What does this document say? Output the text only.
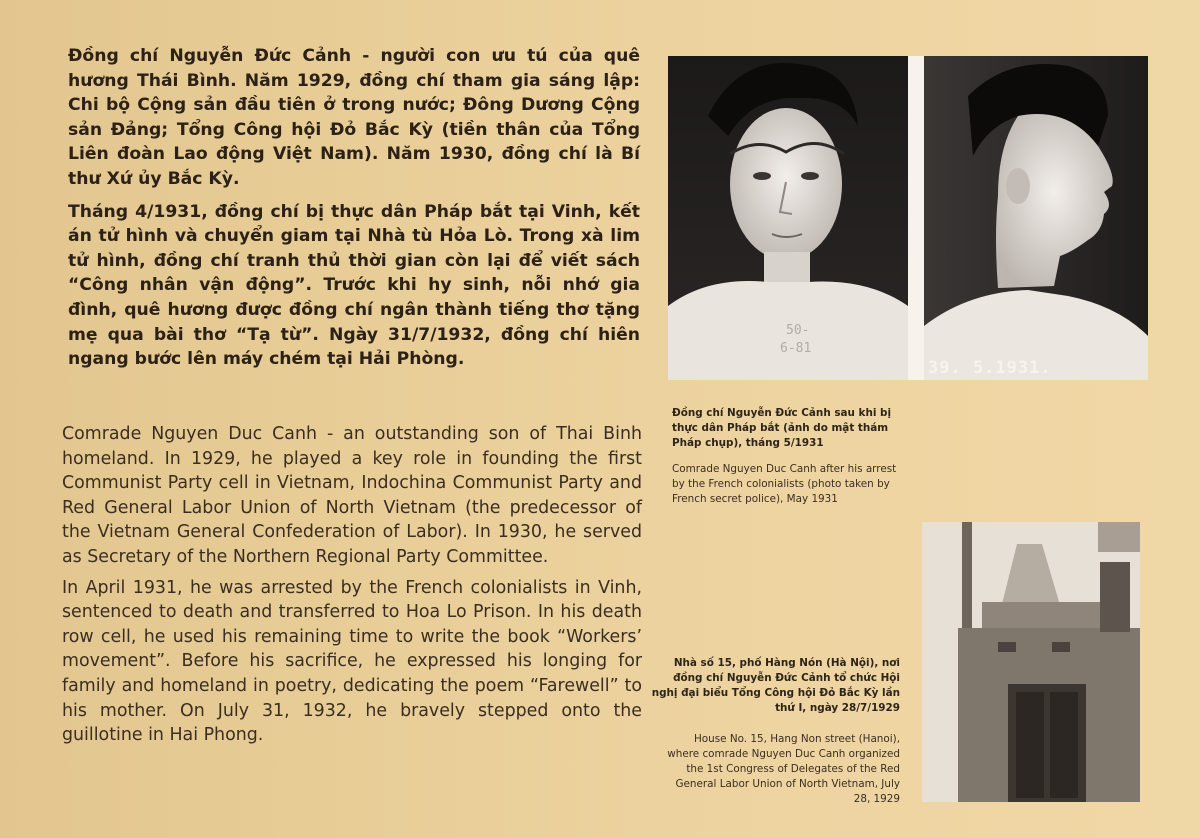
Đồng chí Nguyễn Đức Cảnh - người con ưu tú của quê hương Thái Bình. Năm 1929, đồng chí tham gia sáng lập: Chi bộ Cộng sản đầu tiên ở trong nước; Đông Dương Cộng sản Đảng; Tổng Công hội Đỏ Bắc Kỳ (tiền thân của Tổng Liên đoàn Lao động Việt Nam). Năm 1930, đồng chí là Bí thư Xứ ủy Bắc Kỳ.

Tháng 4/1931, đồng chí bị thực dân Pháp bắt tại Vinh, kết án tử hình và chuyển giam tại Nhà tù Hỏa Lò. Trong xà lim tử hình, đồng chí tranh thủ thời gian còn lại để viết sách “Công nhân vận động”. Trước khi hy sinh, nỗi nhớ gia đình, quê hương được đồng chí ngân thành tiếng thơ tặng mẹ qua bài thơ “Tạ từ”. Ngày 31/7/1932, đồng chí hiên ngang bước lên máy chém tại Hải Phòng.

Comrade Nguyen Duc Canh - an outstanding son of Thai Binh homeland. In 1929, he played a key role in founding the first Communist Party cell in Vietnam, Indochina Communist Party and Red General Labor Union of North Vietnam (the predecessor of the Vietnam General Confederation of Labor). In 1930, he served as Secretary of the Northern Regional Party Committee.

In April 1931, he was arrested by the French colonialists in Vinh, sentenced to death and transferred to Hoa Lo Prison. In his death row cell, he used his remaining time to write the book “Workers’ movement”. Before his sacrifice, he expressed his longing for family and homeland in poetry, dedicating the poem “Farewell” to his mother. On July 31, 1932, he bravely stepped onto the guillotine in Hai Phong.

50-
6-81
39. 5.1931.
Đồng chí Nguyễn Đức Cảnh sau khi bị thực dân Pháp bắt (ảnh do mật thám Pháp chụp), tháng 5/1931
Comrade Nguyen Duc Canh after his arrest by the French colonialists (photo taken by French secret police), May 1931
Nhà số 15, phố Hàng Nón (Hà Nội), nơi đồng chí Nguyễn Đức Cảnh tổ chức Hội nghị đại biểu Tổng Công hội Đỏ Bắc Kỳ lần thứ I, ngày 28/7/1929
House No. 15, Hang Non street (Hanoi), where comrade Nguyen Duc Canh organized the 1st Congress of Delegates of the Red General Labor Union of North Vietnam, July 28, 1929
